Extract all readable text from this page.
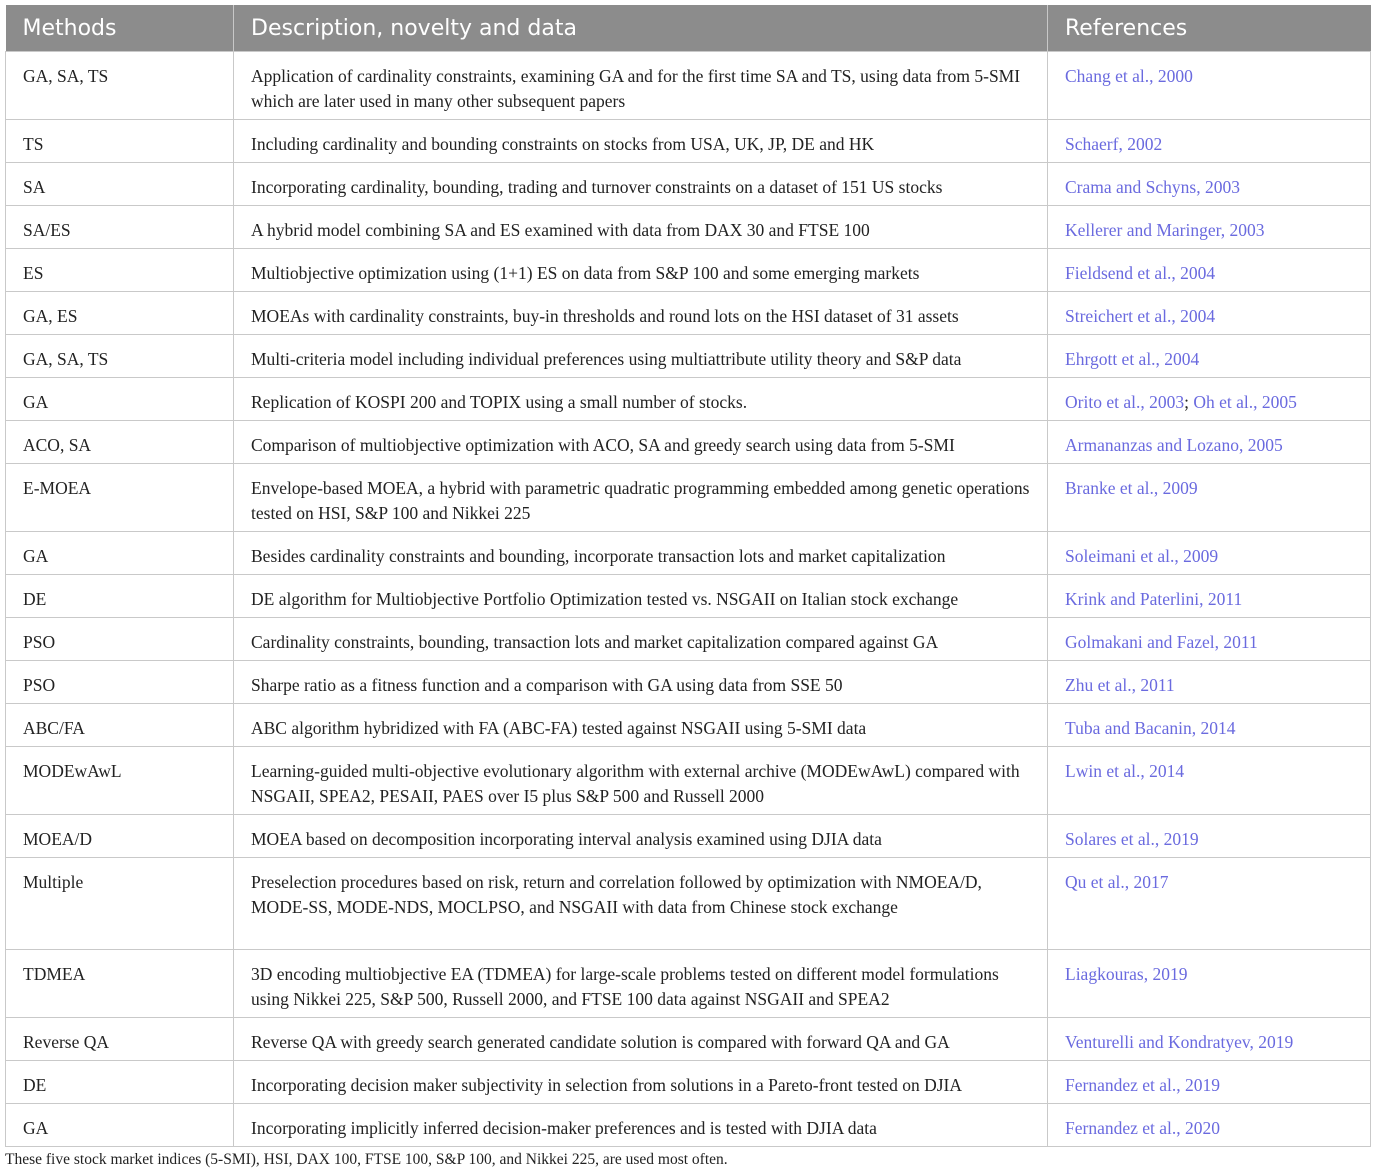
Methods	Description, novelty and data	References
GA, SA, TS	Application of cardinality constraints, examining GA and for the first time SA and TS, using data from 5-SMI which are later used in many other subsequent papers	Chang et al., 2000
TS	Including cardinality and bounding constraints on stocks from USA, UK, JP, DE and HK	Schaerf, 2002
SA	Incorporating cardinality, bounding, trading and turnover constraints on a dataset of 151 US stocks	Crama and Schyns, 2003
SA/ES	A hybrid model combining SA and ES examined with data from DAX 30 and FTSE 100	Kellerer and Maringer, 2003
ES	Multiobjective optimization using (1+1) ES on data from S&P 100 and some emerging markets	Fieldsend et al., 2004
GA, ES	MOEAs with cardinality constraints, buy-in thresholds and round lots on the HSI dataset of 31 assets	Streichert et al., 2004
GA, SA, TS	Multi-criteria model including individual preferences using multiattribute utility theory and S&P data	Ehrgott et al., 2004
GA	Replication of KOSPI 200 and TOPIX using a small number of stocks.	Orito et al., 2003; Oh et al., 2005
ACO, SA	Comparison of multiobjective optimization with ACO, SA and greedy search using data from 5-SMI	Armananzas and Lozano, 2005
E-MOEA	Envelope-based MOEA, a hybrid with parametric quadratic programming embedded among genetic operations tested on HSI, S&P 100 and Nikkei 225	Branke et al., 2009
GA	Besides cardinality constraints and bounding, incorporate transaction lots and market capitalization	Soleimani et al., 2009
DE	DE algorithm for Multiobjective Portfolio Optimization tested vs. NSGAII on Italian stock exchange	Krink and Paterlini, 2011
PSO	Cardinality constraints, bounding, transaction lots and market capitalization compared against GA	Golmakani and Fazel, 2011
PSO	Sharpe ratio as a fitness function and a comparison with GA using data from SSE 50	Zhu et al., 2011
ABC/FA	ABC algorithm hybridized with FA (ABC-FA) tested against NSGAII using 5-SMI data	Tuba and Bacanin, 2014
MODEwAwL	Learning-guided multi-objective evolutionary algorithm with external archive (MODEwAwL) compared with NSGAII, SPEA2, PESAII, PAES over I5 plus S&P 500 and Russell 2000	Lwin et al., 2014
MOEA/D	MOEA based on decomposition incorporating interval analysis examined using DJIA data	Solares et al., 2019
Multiple	Preselection procedures based on risk, return and correlation followed by optimization with NMOEA/D, MODE-SS, MODE-NDS, MOCLPSO, and NSGAII with data from Chinese stock exchange	Qu et al., 2017
TDMEA	3D encoding multiobjective EA (TDMEA) for large-scale problems tested on different model formulations using Nikkei 225, S&P 500, Russell 2000, and FTSE 100 data against NSGAII and SPEA2	Liagkouras, 2019
Reverse QA	Reverse QA with greedy search generated candidate solution is compared with forward QA and GA	Venturelli and Kondratyev, 2019
DE	Incorporating decision maker subjectivity in selection from solutions in a Pareto-front tested on DJIA	Fernandez et al., 2019
GA	Incorporating implicitly inferred decision-maker preferences and is tested with DJIA data	Fernandez et al., 2020
These five stock market indices (5-SMI), HSI, DAX 100, FTSE 100, S&P 100, and Nikkei 225, are used most often.
